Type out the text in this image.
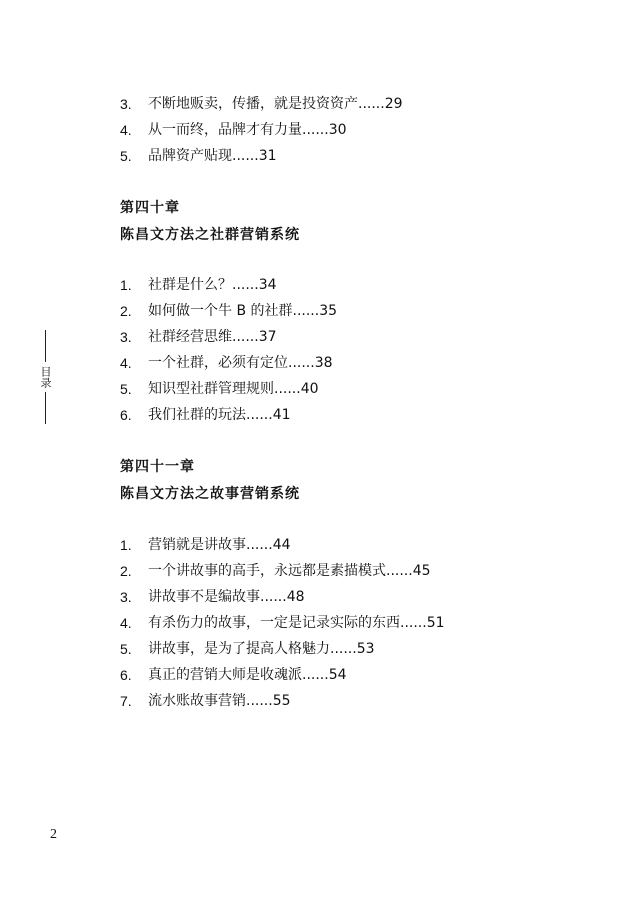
3.	不断地贩卖，传播，就是投资资产......29
4.	从一而终，品牌才有力量......30
5.	品牌资产贴现......31
第四十章
陈昌文方法之社群营销系统
1.	社群是什么？......34
2.	如何做一个牛 B 的社群......35
3.	社群经营思维......37
4.	一个社群，必须有定位......38
5.	知识型社群管理规则......40
6.	我们社群的玩法......41
第四十一章
陈昌文方法之故事营销系统
1.	营销就是讲故事......44
2.	一个讲故事的高手，永远都是素描模式......45
3.	讲故事不是编故事......48
4.	有杀伤力的故事，一定是记录实际的东西......51
5.	讲故事，是为了提高人格魅力......53
6.	真正的营销大师是收魂派......54
7.	流水账故事营销......55
目录
2
